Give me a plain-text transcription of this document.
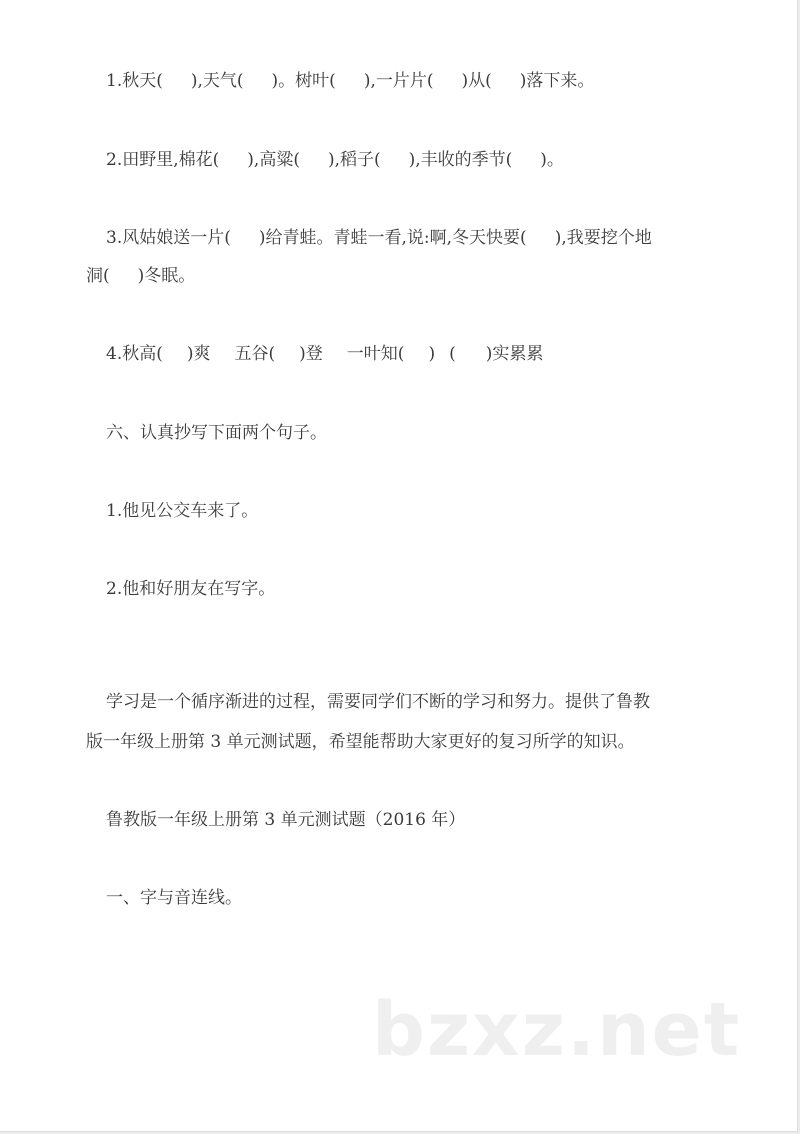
1.秋天( ),天气( )。树叶( ),一片片( )从( )落下来。
2.田野里,棉花( ),高粱( ),稻子( ),丰收的季节( )。
3.风姑娘送一片( )给青蛙。青蛙一看,说:啊,冬天快要( ),我要挖个地
洞( )冬眠。
4.秋高( )爽 五谷( )登 一叶知( ) ( )实累累
六、认真抄写下面两个句子。
1.他见公交车来了。
2.他和好朋友在写字。
学习是一个循序渐进的过程，需要同学们不断的学习和努力。提供了鲁教
版一年级上册第 3 单元测试题，希望能帮助大家更好的复习所学的知识。
鲁教版一年级上册第 3 单元测试题（2016 年）
一、字与音连线。
bzxz.net
